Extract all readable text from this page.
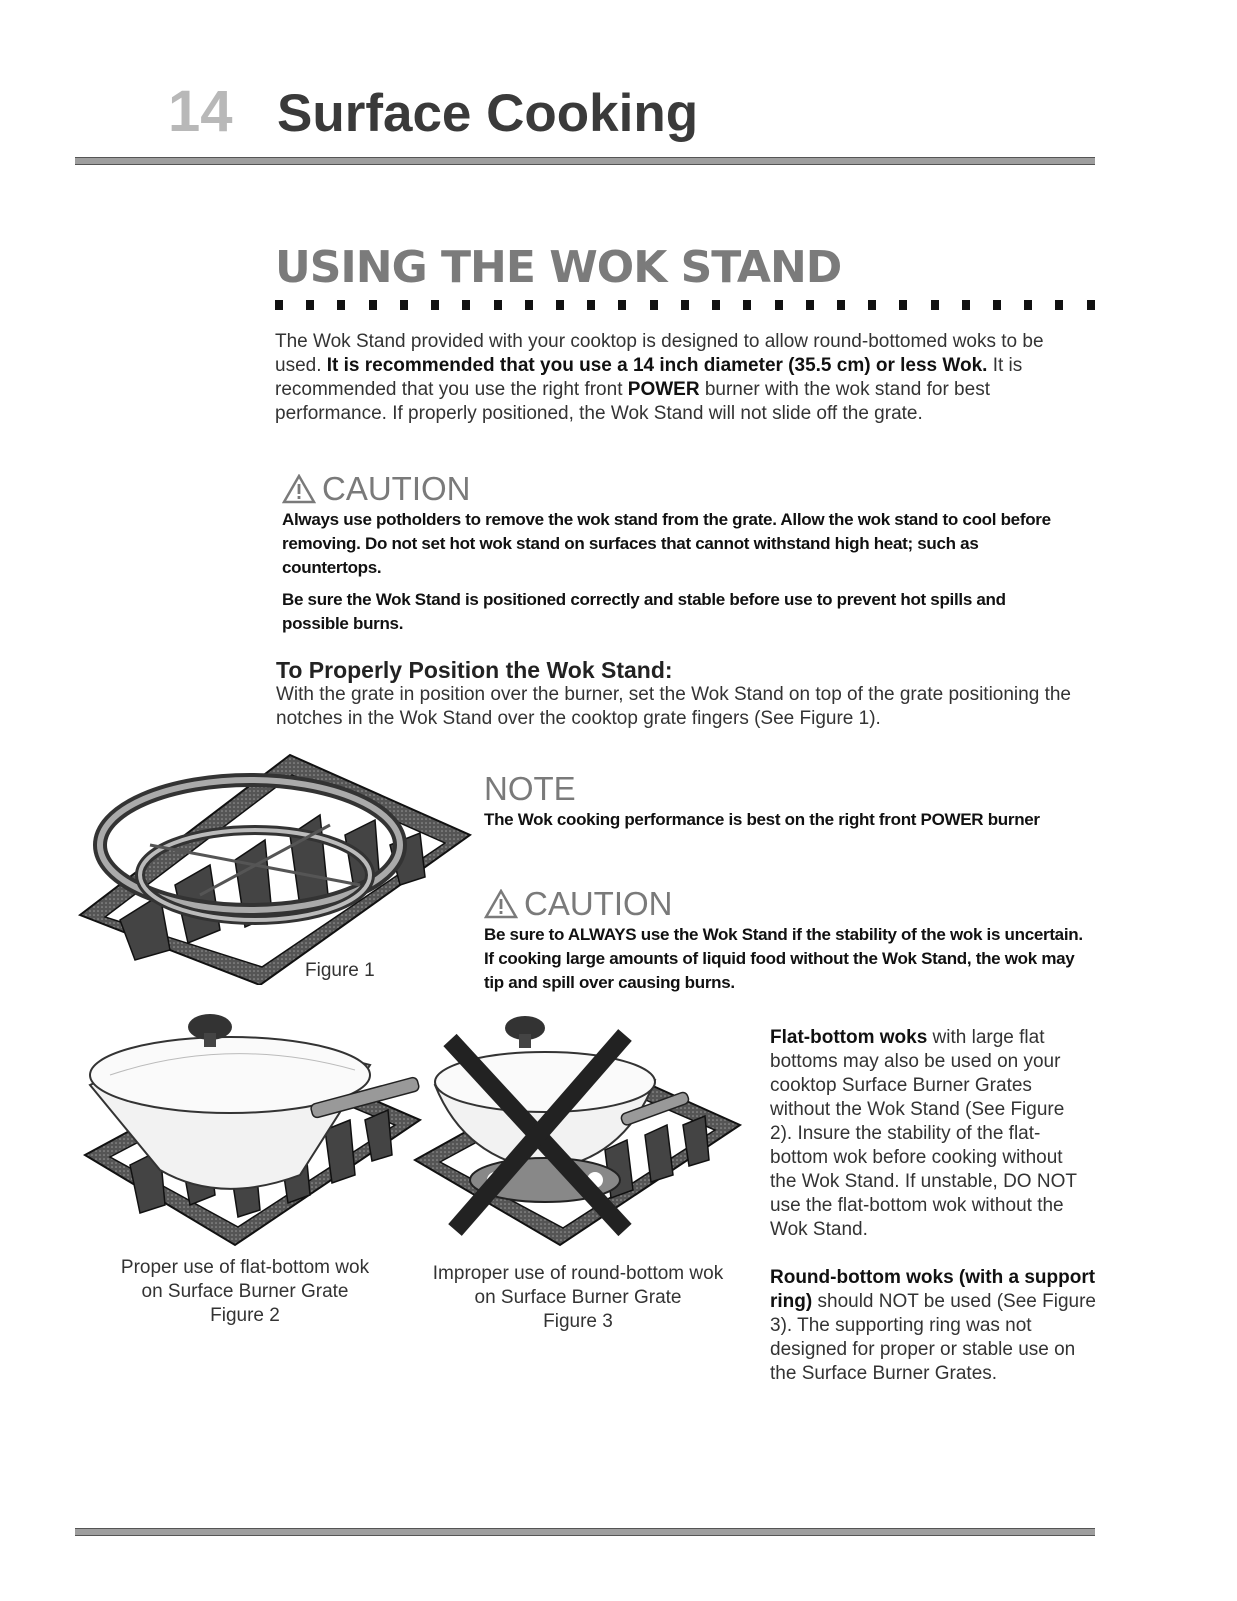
14 Surface Cooking
USING THE WOK STAND
The Wok Stand provided with your cooktop is designed to allow round-bottomed woks to be used. It is recommended that you use a 14 inch diameter (35.5 cm) or less Wok. It is recommended that you use the right front POWER burner with the wok stand for best performance. If properly positioned, the Wok Stand will not slide off the grate.
CAUTION
Always use potholders to remove the wok stand from the grate. Allow the wok stand to cool before removing. Do not set hot wok stand on surfaces that cannot withstand high heat; such as countertops.
Be sure the Wok Stand is positioned correctly and stable before use to prevent hot spills and possible burns.
To Properly Position the Wok Stand:
With the grate in position over the burner, set the Wok Stand on top of the grate positioning the notches in the Wok Stand over the cooktop grate fingers (See Figure 1).
Figure 1
NOTE
The Wok cooking performance is best on the right front POWER burner
CAUTION
Be sure to ALWAYS use the Wok Stand if the stability of the wok is uncertain. If cooking large amounts of liquid food without the Wok Stand, the wok may tip and spill over causing burns.
Proper use of flat-bottom wok
on Surface Burner Grate
Figure 2
Improper use of round-bottom wok
on Surface Burner Grate
Figure 3
Flat-bottom woks with large flat bottoms may also be used on your cooktop Surface Burner Grates without the Wok Stand (See Figure 2). Insure the stability of the flat-bottom wok before cooking without the Wok Stand. If unstable, DO NOT use the flat-bottom wok without the Wok Stand.
Round-bottom woks (with a support ring) should NOT be used (See Figure 3). The supporting ring was not designed for proper or stable use on the Surface Burner Grates.
